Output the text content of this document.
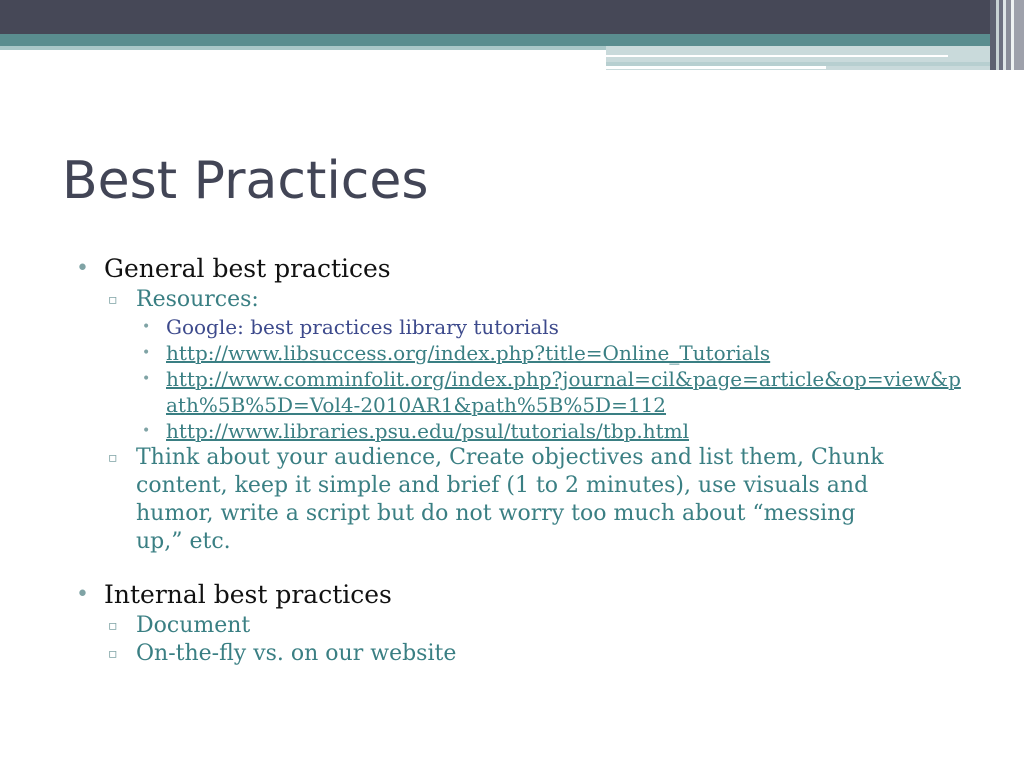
Best Practices
• General best practices
▫ Resources:
• Google: best practices library tutorials
• http://www.libsuccess.org/index.php?title=Online_Tutorials
• http://www.comminfolit.org/index.php?journal=cil&page=article&op=view&path%5B%5D=Vol4-2010AR1&path%5B%5D=112
• http://www.libraries.psu.edu/psul/tutorials/tbp.html
▫ Think about your audience, Create objectives and list them, Chunk content, keep it simple and brief (1 to 2 minutes), use visuals and humor, write a script but do not worry too much about “messing up,” etc.
• Internal best practices
▫ Document
▫ On-the-fly vs. on our website
